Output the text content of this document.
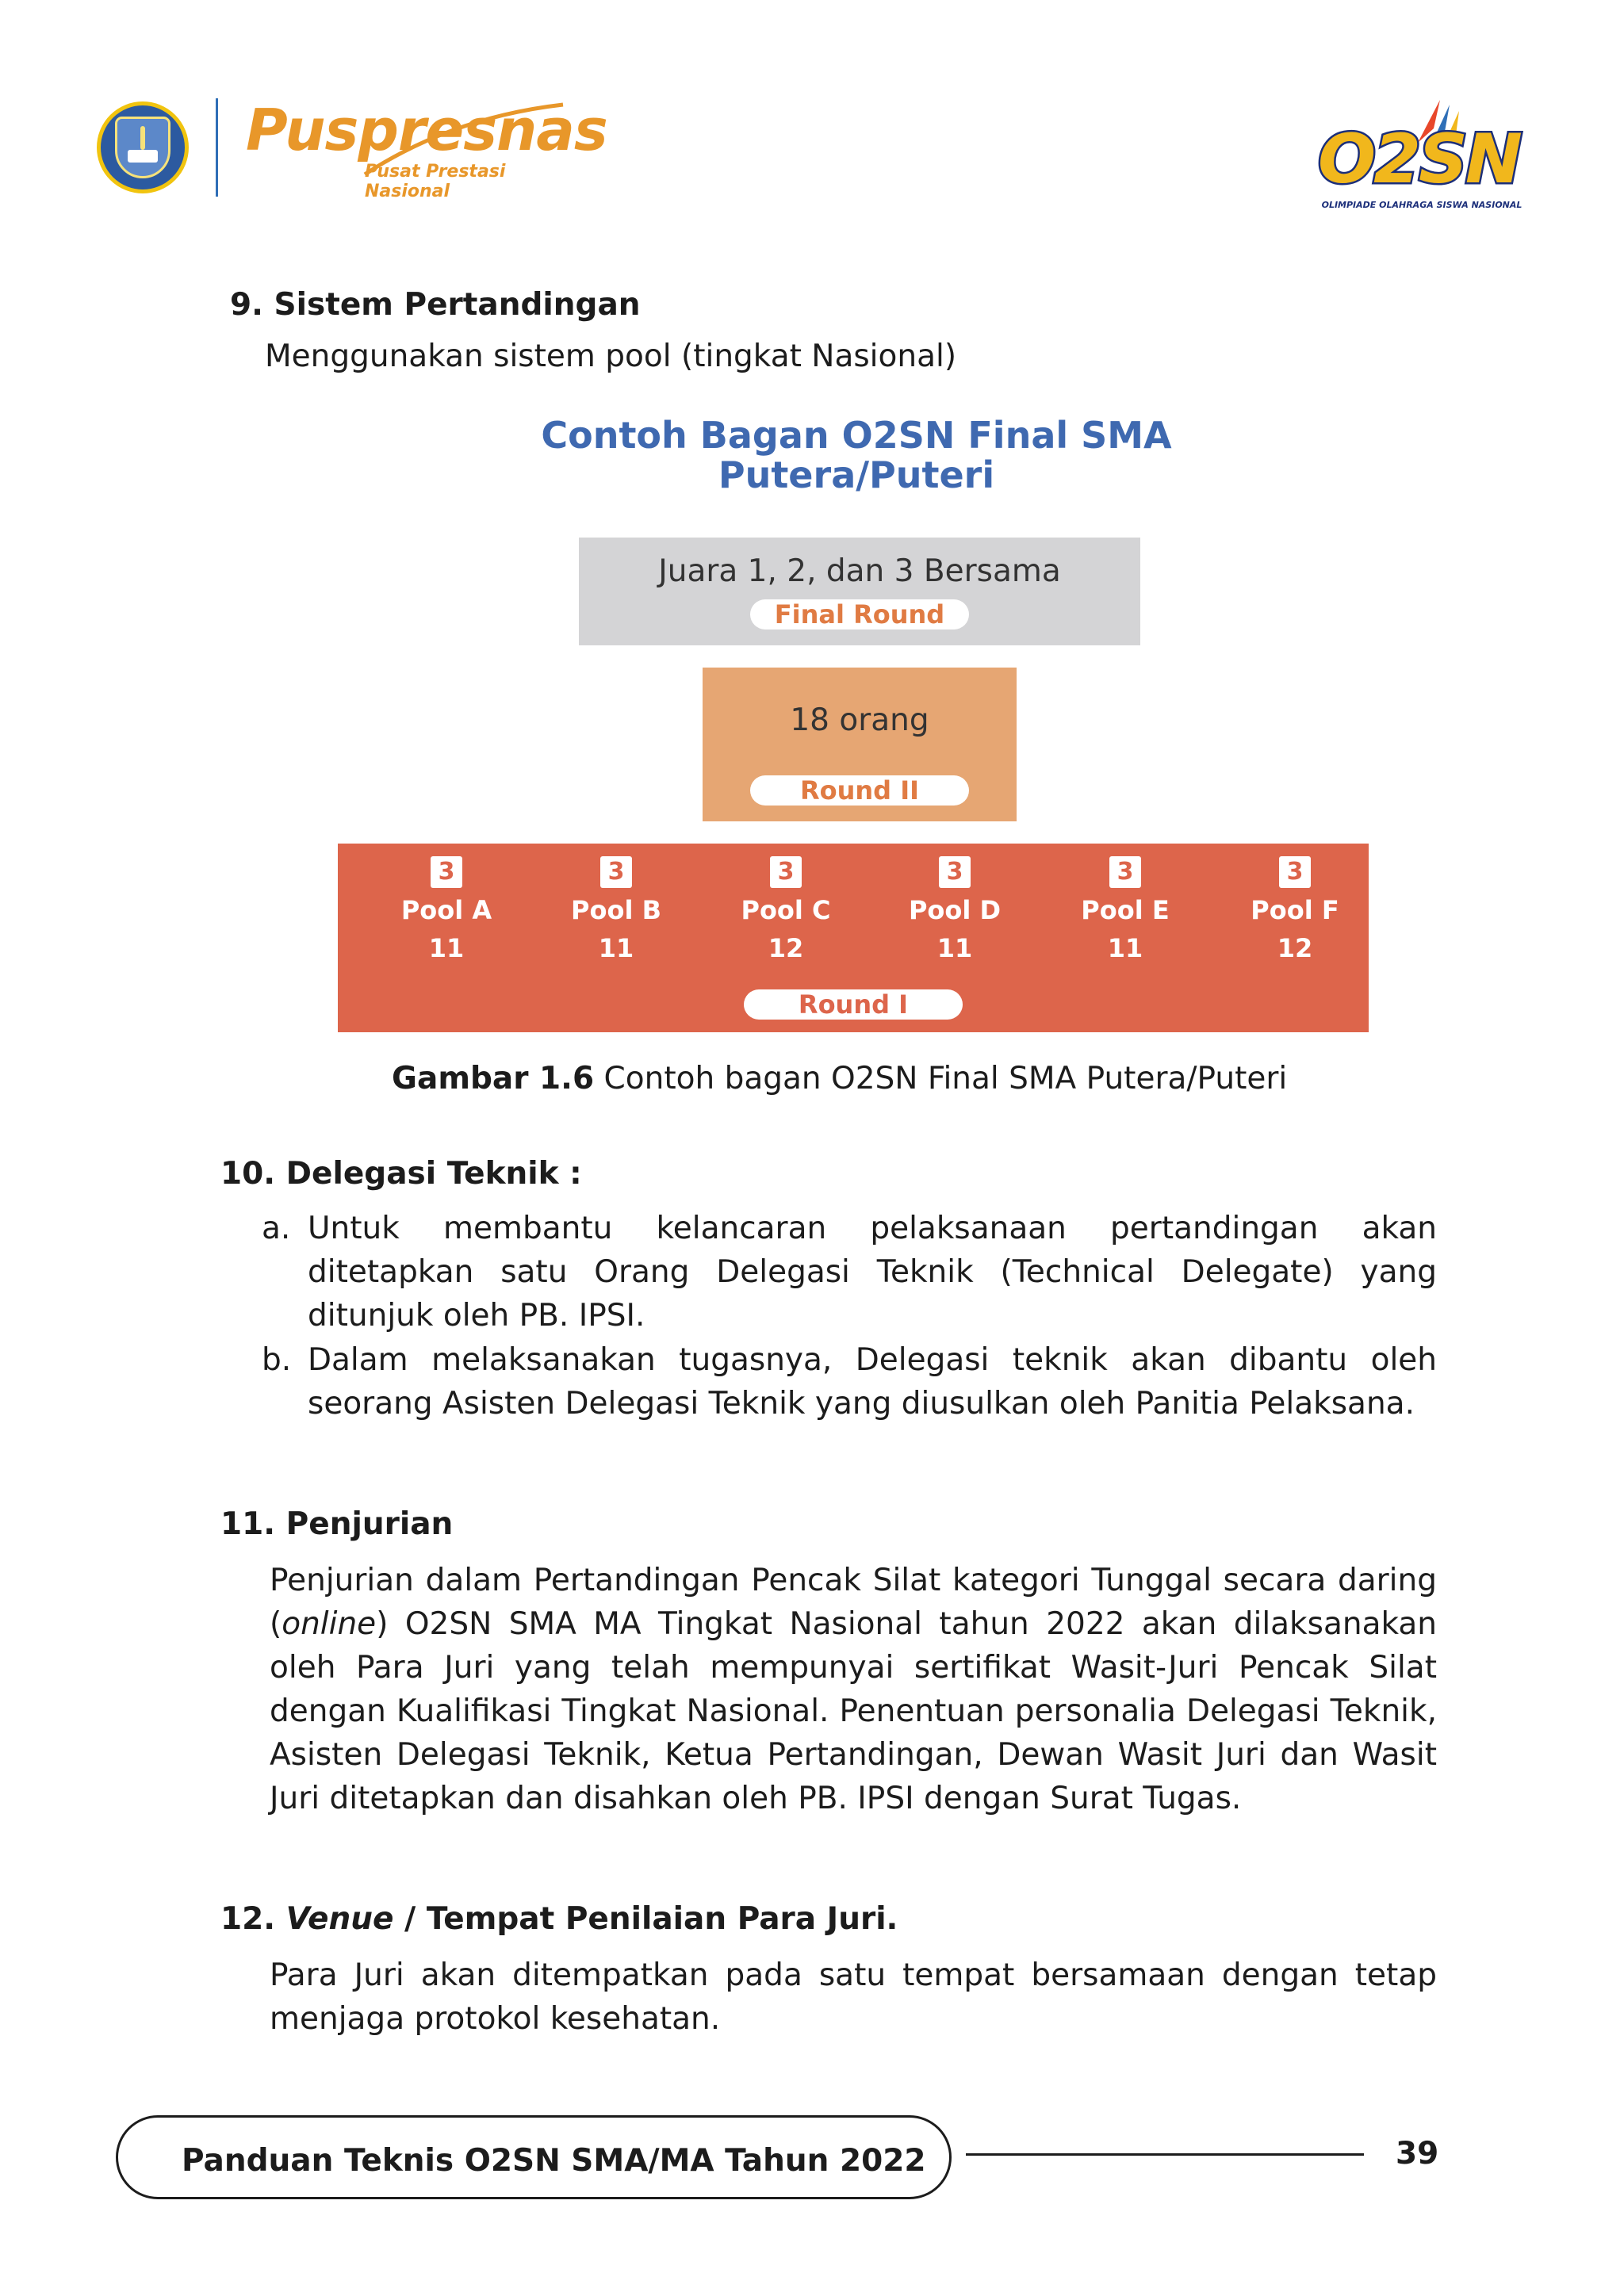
Puspresnas
Pusat Prestasi Nasional	O2SN
OLIMPIADE OLAHRAGA SISWA NASIONAL
9. Sistem Pertandingan
Menggunakan sistem pool (tingkat Nasional)
Contoh Bagan O2SN Final SMA
Putera/Puteri
Juara 1, 2, dan 3 Bersama
Final Round
18 orang
Round II
3
Pool A
11
3
Pool B
11
3
Pool C
12
3
Pool D
11
3
Pool E
11
3
Pool F
12
Round I
Gambar 1.6 Contoh bagan O2SN Final SMA Putera/Puteri
10. Delegasi Teknik :
a. Untuk membantu kelancaran pelaksanaan pertandingan akan ditetapkan satu Orang Delegasi Teknik (Technical Delegate) yang ditunjuk oleh PB. IPSI.
b. Dalam melaksanakan tugasnya, Delegasi teknik akan dibantu oleh seorang Asisten Delegasi Teknik yang diusulkan oleh Panitia Pelaksana.
11. Penjurian
Penjurian dalam Pertandingan Pencak Silat kategori Tunggal secara daring (online) O2SN SMA MA Tingkat Nasional tahun 2022 akan dilaksanakan oleh Para Juri yang telah mempunyai sertifikat Wasit-Juri Pencak Silat dengan Kualifikasi Tingkat Nasional. Penentuan personalia Delegasi Teknik, Asisten Delegasi Teknik, Ketua Pertandingan, Dewan Wasit Juri dan Wasit Juri ditetapkan dan disahkan oleh PB. IPSI dengan Surat Tugas.
12. Venue / Tempat Penilaian Para Juri.
Para Juri akan ditempatkan pada satu tempat bersamaan dengan tetap menjaga protokol kesehatan.
Panduan Teknis O2SN SMA/MA Tahun 2022	39
